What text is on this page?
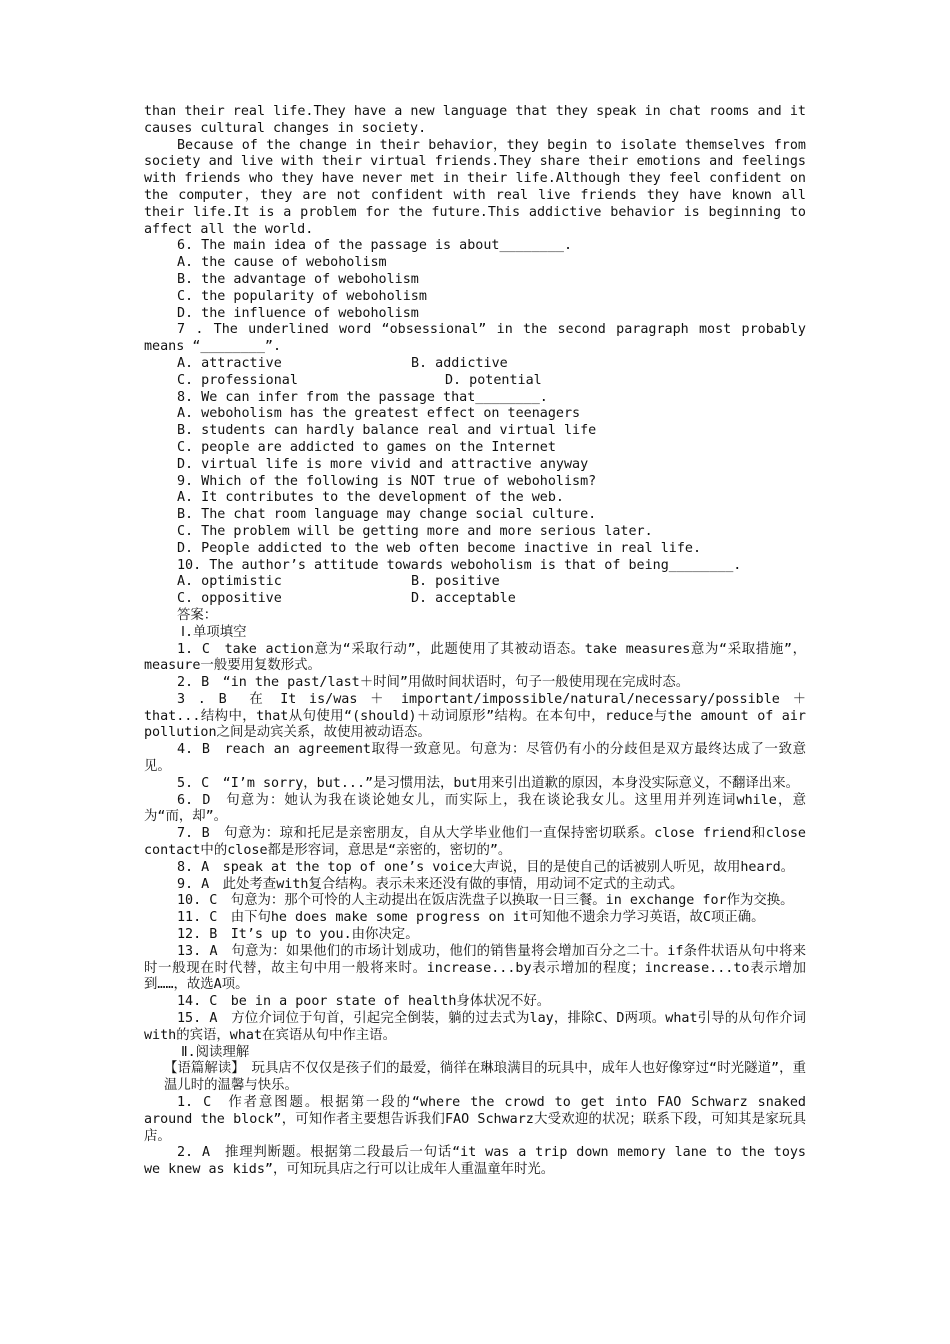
than their real life.They have a new language that they speak in chat rooms and it causes cultural changes in society.

Because of the change in their behavior，they begin to isolate themselves from society and live with their virtual friends.They share their emotions and feelings with friends who they have never met in their life.Although they feel confident on the computer，they are not confident with real live friends they have known all their life.It is a problem for the future.This addictive behavior is beginning to affect all the world.

6. The main idea of the passage is about________.

A. the cause of weboholism

B. the advantage of weboholism

C. the popularity of weboholism

D. the influence of weboholism

7 . The underlined word “obsessional” in the second paragraph most probably means “________”.

A. attractive	B. addictive
C. professional	D. potential

8. We can infer from the passage that________.

A. weboholism has the greatest effect on teenagers

B. students can hardly balance real and virtual life

C. people are addicted to games on the Internet

D. virtual life is more vivid and attractive anyway

9. Which of the following is NOT true of weboholism?

A. It contributes to the development of the web.

B. The chat room language may change social culture.

C. The problem will be getting more and more serious later.

D. People addicted to the web often become inactive in real life.

10. The author’s attitude towards weboholism is that of being________.

A. optimistic	B. positive
C. oppositive	D. acceptable

答案：

Ⅰ.单项填空

1. C　take action意为“采取行动”，此题使用了其被动语态。take measures意为“采取措施”，measure一般要用复数形式。

2. B　“in the past/last＋时间”用做时间状语时，句子一般使用现在完成时态。

3 . B　在 It is/was ＋ important/impossible/natural/necessary/possible ＋that...结构中，that从句使用“(should)＋动词原形”结构。在本句中，reduce与the amount of air pollution之间是动宾关系，故使用被动语态。

4. B　reach an agreement取得一致意见。句意为：尽管仍有小的分歧但是双方最终达成了一致意见。

5. C　“I’m sorry，but...”是习惯用法，but用来引出道歉的原因，本身没实际意义，不翻译出来。

6. D　句意为：她认为我在谈论她女儿，而实际上，我在谈论我女儿。这里用并列连词while，意为“而，却”。

7. B　句意为：琼和托尼是亲密朋友，自从大学毕业他们一直保持密切联系。close friend和close contact中的close都是形容词，意思是“亲密的，密切的”。

8. A　speak at the top of one’s voice大声说，目的是使自己的话被别人听见，故用heard。

9. A　此处考查with复合结构。表示未来还没有做的事情，用动词不定式的主动式。

10. C　句意为：那个可怜的人主动提出在饭店洗盘子以换取一日三餐。in exchange for作为交换。

11. C　由下句he does make some progress on it可知他不遗余力学习英语，故C项正确。

12. B　It’s up to you.由你决定。

13. A　句意为：如果他们的市场计划成功，他们的销售量将会增加百分之二十。if条件状语从句中将来时一般现在时代替，故主句中用一般将来时。increase...by表示增加的程度；increase...to表示增加到……，故选A项。

14. C　be in a poor state of health身体状况不好。

15. A　方位介词位于句首，引起完全倒装，躺的过去式为lay，排除C、D两项。what引导的从句作介词with的宾语，what在宾语从句中作主语。

Ⅱ.阅读理解

【语篇解读】　玩具店不仅仅是孩子们的最爱，徜徉在琳琅满目的玩具中，成年人也好像穿过“时光隧道”，重温儿时的温馨与快乐。

1. C　作者意图题。根据第一段的“where the crowd to get into FAO Schwarz snaked around the block”，可知作者主要想告诉我们FAO Schwarz大受欢迎的状况；联系下段，可知其是家玩具店。

2. A　推理判断题。根据第二段最后一句话“it was a trip down memory lane to the toys we knew as kids”，可知玩具店之行可以让成年人重温童年时光。
